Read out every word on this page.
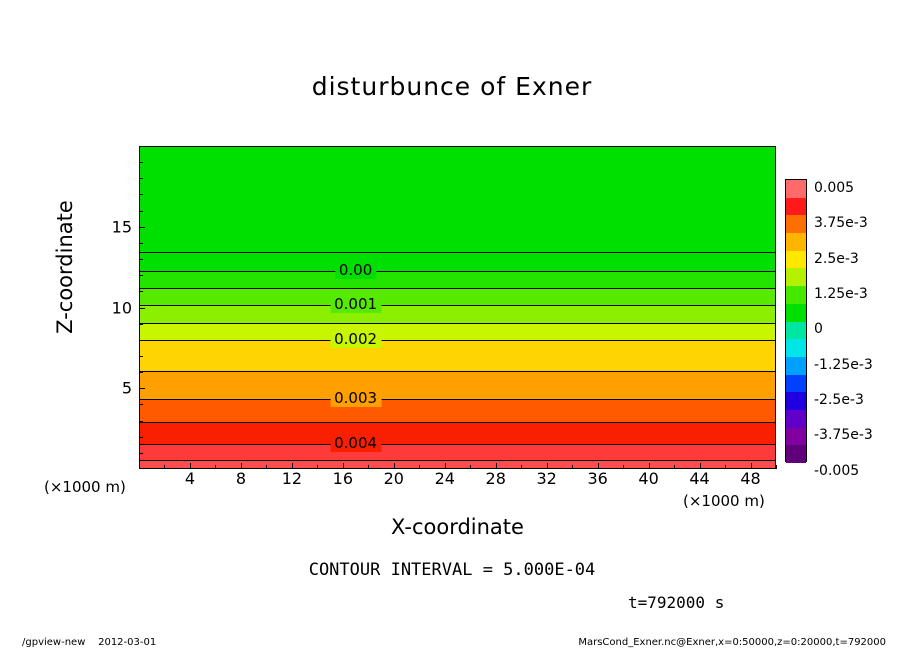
disturbunce of Exner
Z-coordinate
X-coordinate
(×1000 m)
(×1000 m)
CONTOUR INTERVAL = 5.000E-04
t=792000 s
/gpview-new 2012-03-01	MarsCond_Exner.nc@Exner,x=0:50000,z=0:20000,t=792000
0.00
0.001
0.002
0.003
0.004
4	8 12 16 20 24 28 32 36 40 44 48
5
10
15
0.005
3.75e-3
2.5e-3
1.25e-3
0
-1.25e-3
-2.5e-3
-3.75e-3
-0.005
